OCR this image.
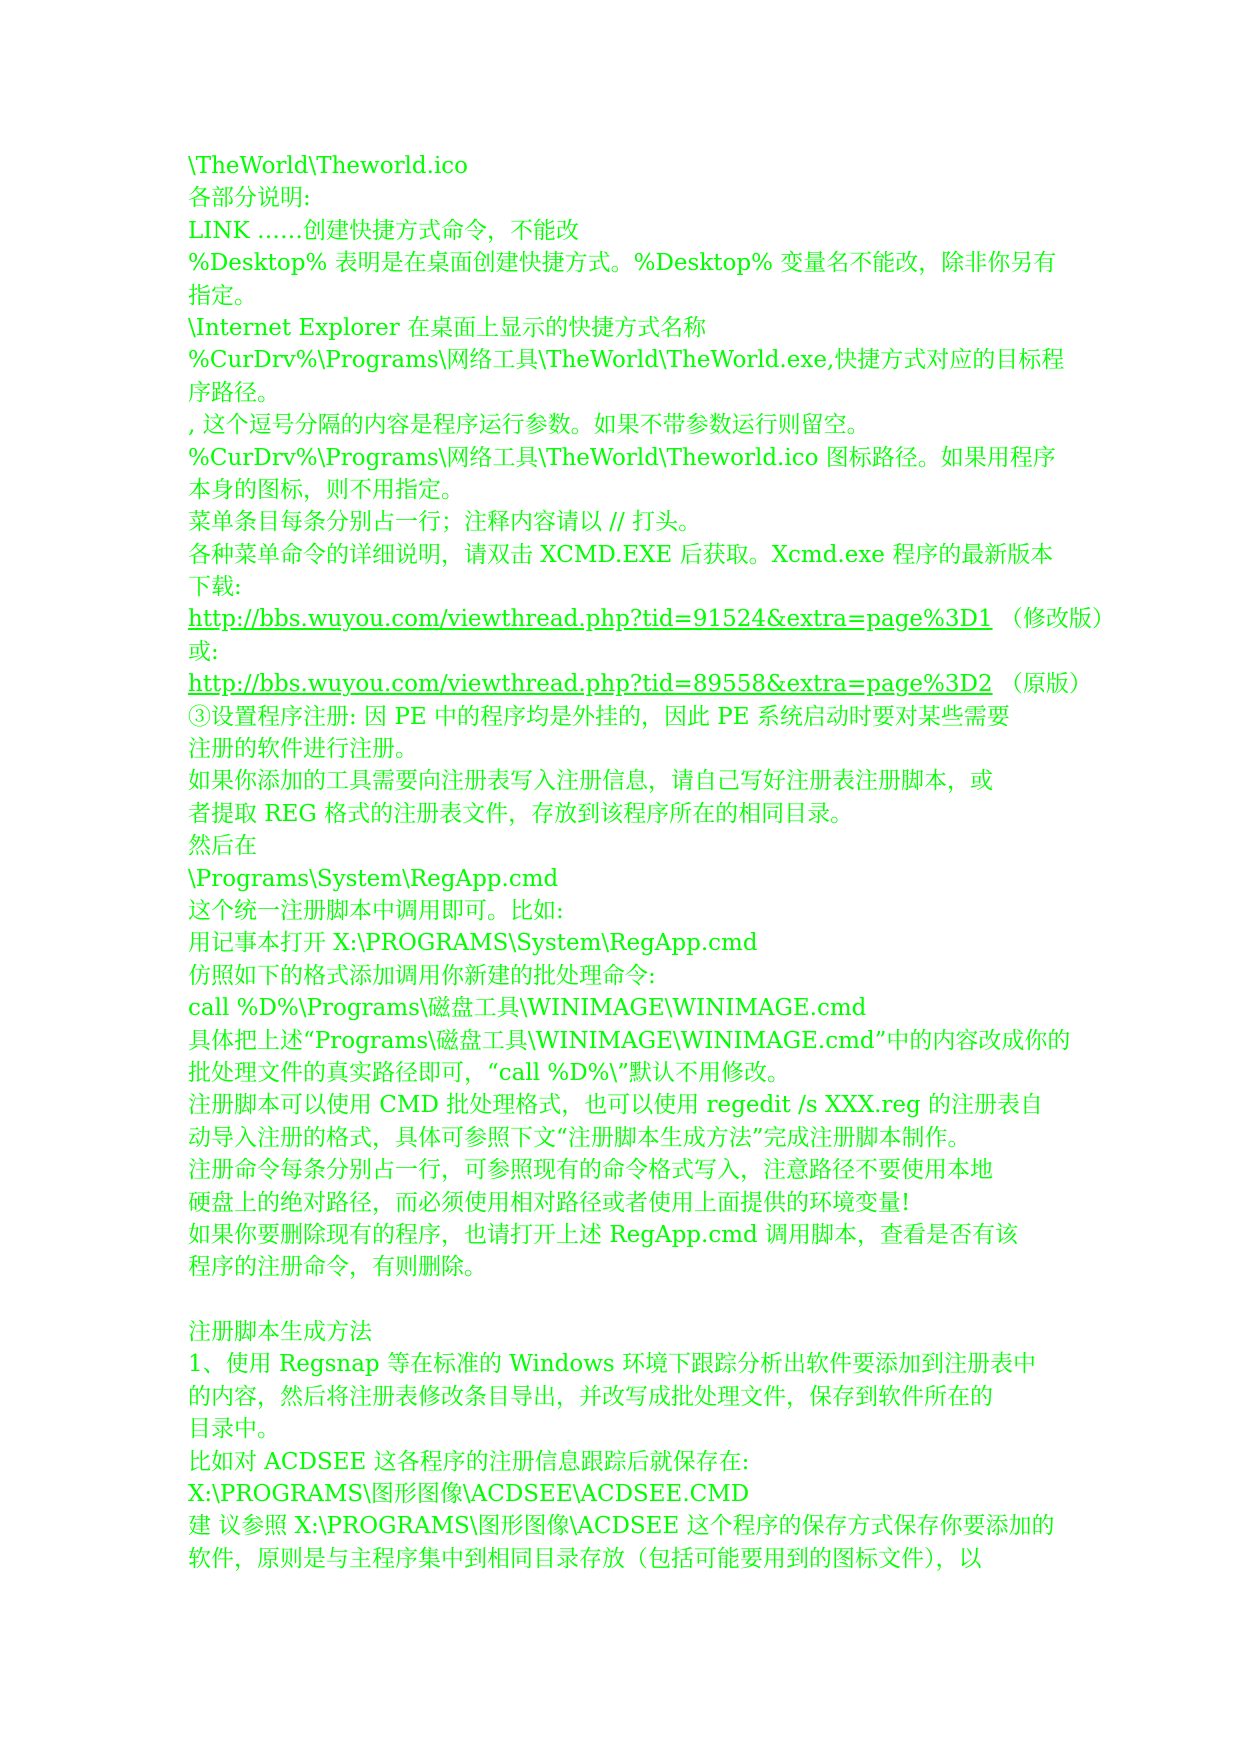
\TheWorld\Theworld.ico
各部分说明:
LINK ……创建快捷方式命令，不能改
%Desktop% 表明是在桌面创建快捷方式。%Desktop% 变量名不能改，除非你另有
指定。
\Internet Explorer 在桌面上显示的快捷方式名称
%CurDrv%\Programs\网络工具\TheWorld\TheWorld.exe,快捷方式对应的目标程
序路径。
, 这个逗号分隔的内容是程序运行参数。如果不带参数运行则留空。
%CurDrv%\Programs\网络工具\TheWorld\Theworld.ico 图标路径。如果用程序
本身的图标，则不用指定。
菜单条目每条分别占一行；注释内容请以 // 打头。
各种菜单命令的详细说明，请双击 XCMD.EXE 后获取。Xcmd.exe 程序的最新版本
下载:
http://bbs.wuyou.com/viewthread.php?tid=91524&extra=page%3D1 （修改版）
或:
http://bbs.wuyou.com/viewthread.php?tid=89558&extra=page%3D2 （原版）
③设置程序注册: 因 PE 中的程序均是外挂的，因此 PE 系统启动时要对某些需要
注册的软件进行注册。
如果你添加的工具需要向注册表写入注册信息，请自己写好注册表注册脚本，或
者提取 REG 格式的注册表文件，存放到该程序所在的相同目录。
然后在
\Programs\System\RegApp.cmd
这个统一注册脚本中调用即可。比如:
用记事本打开 X:\PROGRAMS\System\RegApp.cmd
仿照如下的格式添加调用你新建的批处理命令:
call %D%\Programs\磁盘工具\WINIMAGE\WINIMAGE.cmd
具体把上述“Programs\磁盘工具\WINIMAGE\WINIMAGE.cmd”中的内容改成你的
批处理文件的真实路径即可，“call %D%\”默认不用修改。
注册脚本可以使用 CMD 批处理格式，也可以使用 regedit /s XXX.reg 的注册表自
动导入注册的格式，具体可参照下文“注册脚本生成方法”完成注册脚本制作。
注册命令每条分别占一行，可参照现有的命令格式写入，注意路径不要使用本地
硬盘上的绝对路径，而必须使用相对路径或者使用上面提供的环境变量!
如果你要删除现有的程序，也请打开上述 RegApp.cmd 调用脚本，查看是否有该
程序的注册命令，有则删除。
注册脚本生成方法
1、使用 Regsnap 等在标准的 Windows 环境下跟踪分析出软件要添加到注册表中
的内容，然后将注册表修改条目导出，并改写成批处理文件，保存到软件所在的
目录中。
比如对 ACDSEE 这各程序的注册信息跟踪后就保存在:
X:\PROGRAMS\图形图像\ACDSEE\ACDSEE.CMD
建 议参照 X:\PROGRAMS\图形图像\ACDSEE 这个程序的保存方式保存你要添加的
软件，原则是与主程序集中到相同目录存放（包括可能要用到的图标文件），以
